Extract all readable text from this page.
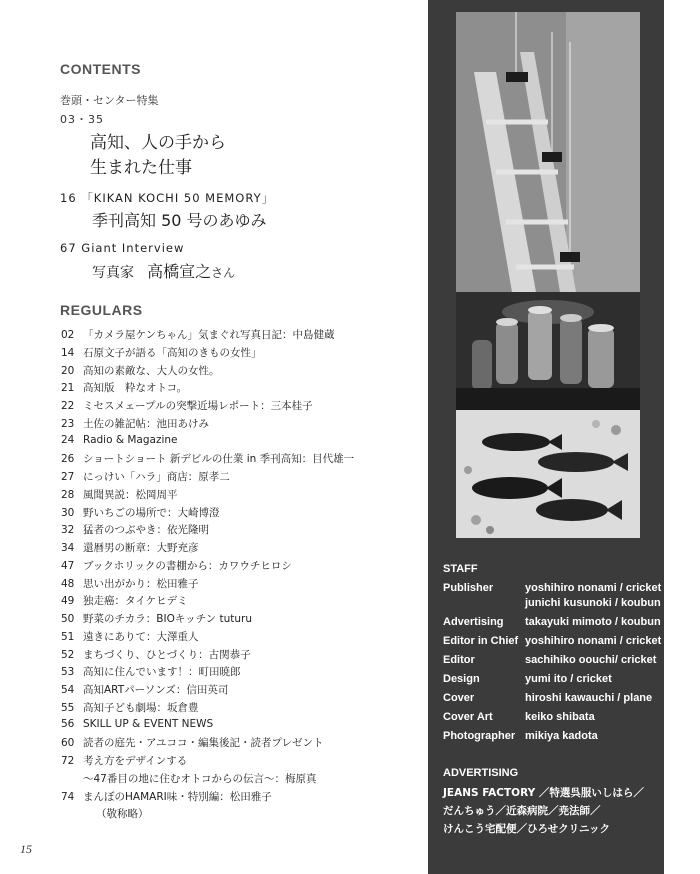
CONTENTS
巻頭・センター特集
03・35
高知、人の手から
生まれた仕事
16 「KIKAN KOCHI 50 MEMORY」
季刊高知 50 号のあゆみ
67 Giant Interview
写真家 高橋宣之さん
REGULARS
02 「カメラ屋ケンちゃん」気まぐれ写真日記：中島健蔵
14 石原文子が語る「高知のきもの女性」
20 高知の素敵な、大人の女性。
21 高知版　粋なオトコ。
22 ミセスメェープルの突撃近場レポート：三本桂子
23 土佐の雑記帖：池田あけみ
24 Radio & Magazine
26 ショートショート 新デビルの仕業 in 季刊高知：目代雄一
27 にっけい「ハラ」商店：原孝二
28 風聞異説：松岡周平
30 野いちごの場所で：大崎博澄
32 猛者のつぶやき：依光隆明
34 還暦男の断章：大野充彦
47 ブックホリックの書棚から：カワウチヒロシ
48 思い出がかり：松田雅子
49 独走癌：タイケヒデミ
50 野菜のチカラ：BIOキッチン tuturu
51 遠きにありて：大澤重人
52 まちづくり、ひとづくり：古関恭子
53 高知に住んでいます！：町田暁郎
54 高知ARTパーソンズ：信田英司
55 高知子ども劇場：坂倉豊
56 SKILL UP & EVENT NEWS
60 読者の庭先・アユココ・編集後記・読者プレゼント
72 考え方をデザインする
～47番目の地に住むオトコからの伝言～：梅原真
74 まんぼのHAMARI味・特別編：松田雅子
（敬称略）
STAFF
Publisher	yoshihiro nonami / cricket
junichi kusunoki / koubun
Advertising takayuki mimoto / koubun
Editor in Chief yoshihiro nonami / cricket
Editor	sachihiko oouchi/ cricket
Design	yumi ito / cricket
Cover	hiroshi kawauchi / plane
Cover Art	keiko shibata
Photographer mikiya kadota
ADVERTISING
JEANS FACTORY ／特選呉服いしはら／
だんちゅう／近森病院／尭法師／
けんこう宅配便／ひろせクリニック
15
